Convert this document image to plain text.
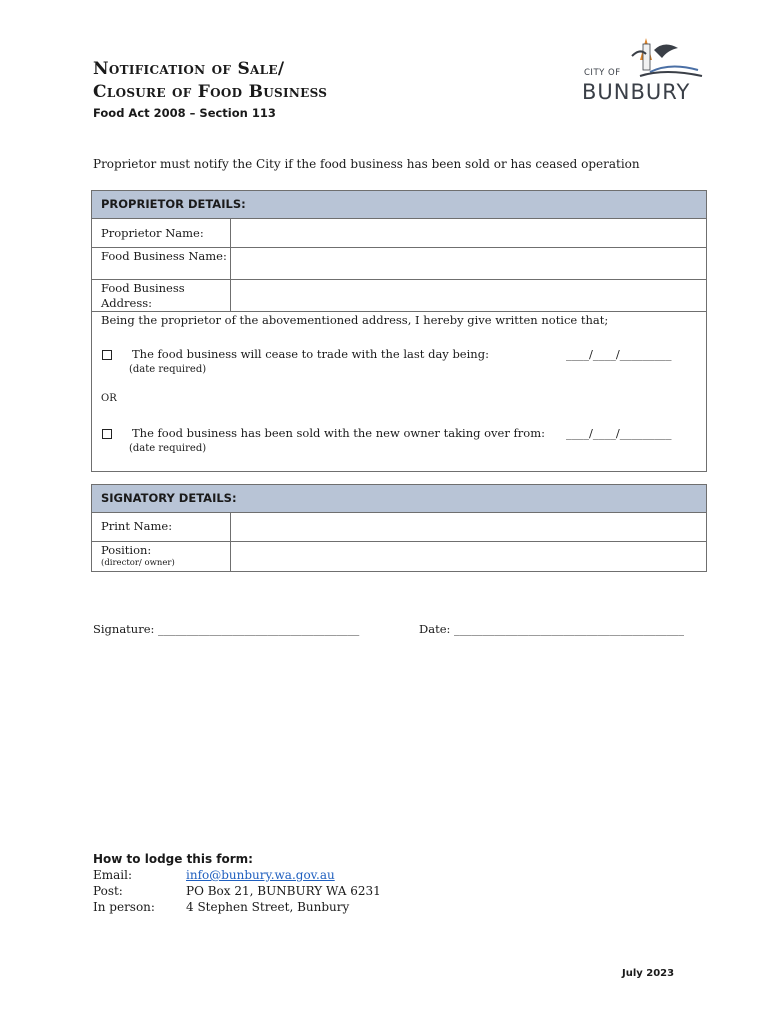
Notification of Sale/
Closure of Food Business
Food Act 2008 – Section 113
CITY OF
BUNBURY
Proprietor must notify the City if the food business has been sold or has ceased operation
PROPRIETOR DETAILS:
Proprietor Name:
Food Business Name:
Food Business Address:
Being the proprietor of the abovementioned address, I hereby give written notice that;
The food business will cease to trade with the last day being:	____/____/_________
(date required)
OR
The food business has been sold with the new owner taking over from: ____/____/_________
(date required)
SIGNATORY DETAILS:
Print Name:
Position:
(director/ owner)
Signature: ___________________________________	Date: ________________________________________
How to lodge this form:
Email:	info@bunbury.wa.gov.au
Post:	PO Box 21, BUNBURY WA 6231
In person:	4 Stephen Street, Bunbury
July 2023
